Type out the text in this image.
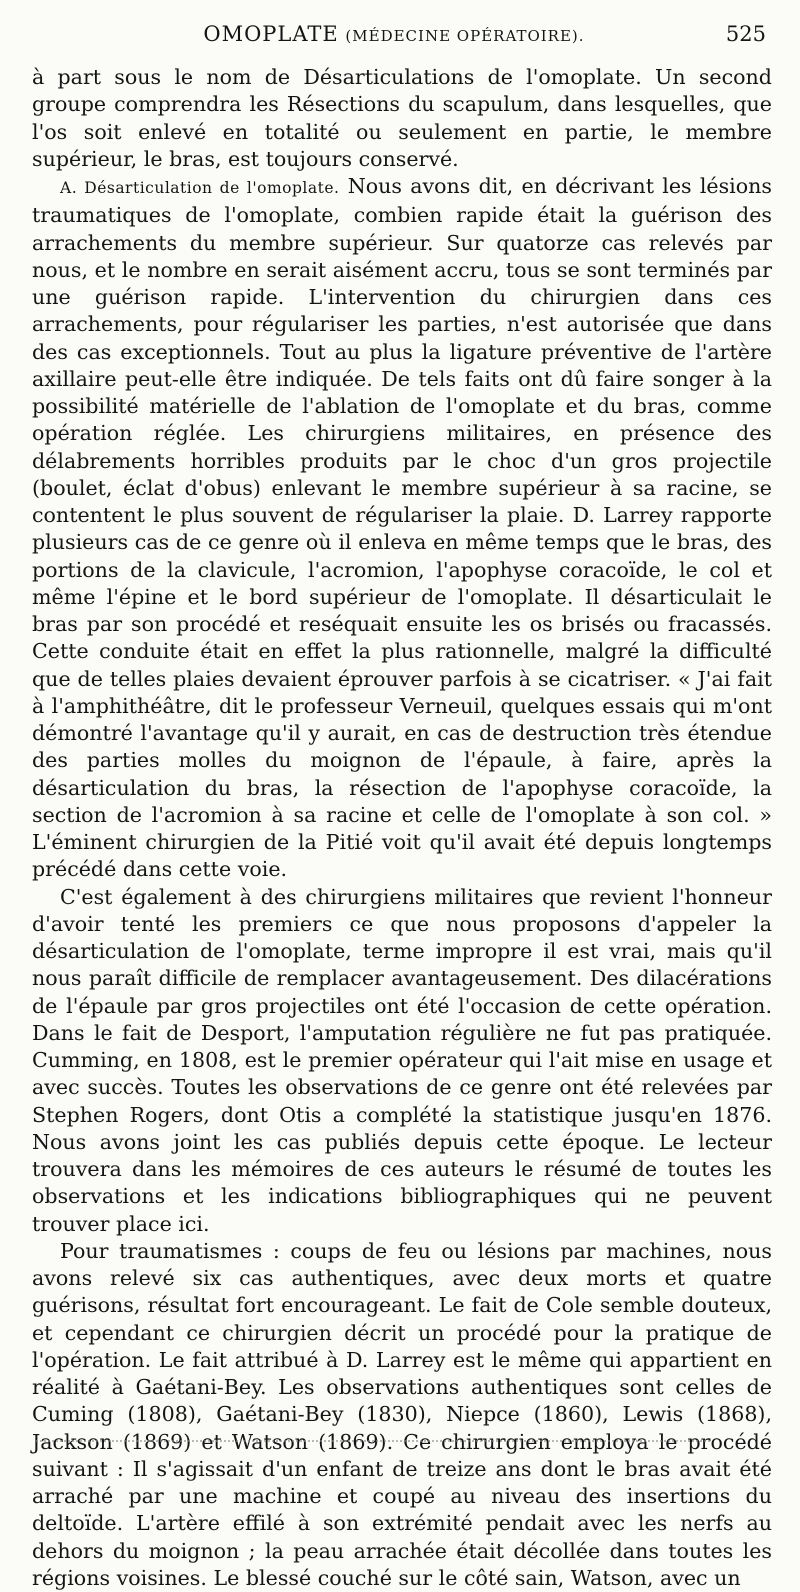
OMOPLATE
(MÉDECINE OPÉRATOIRE).	525

à part sous le nom de Désarticulations de l'omoplate. Un second groupe comprendra les Résections du scapulum, dans lesquelles, que l'os soit enlevé en totalité ou seulement en partie, le membre supérieur, le bras, est toujours conservé.

A. Désarticulation de l'omoplate. Nous avons dit, en décrivant les lésions traumatiques de l'omoplate, combien rapide était la guérison des arrachements du membre supérieur. Sur quatorze cas relevés par nous, et le nombre en serait aisément accru, tous se sont terminés par une guérison rapide. L'intervention du chirurgien dans ces arrachements, pour régulariser les parties, n'est autorisée que dans des cas exceptionnels. Tout au plus la ligature préventive de l'artère axillaire peut-elle être indiquée. De tels faits ont dû faire songer à la possibilité matérielle de l'ablation de l'omoplate et du bras, comme opération réglée. Les chirurgiens militaires, en présence des délabrements horribles produits par le choc d'un gros projectile (boulet, éclat d'obus) enlevant le membre supérieur à sa racine, se contentent le plus souvent de régulariser la plaie. D. Larrey rapporte plusieurs cas de ce genre où il enleva en même temps que le bras, des portions de la clavicule, l'acromion, l'apophyse coracoïde, le col et même l'épine et le bord supérieur de l'omoplate. Il désarticulait le bras par son procédé et reséquait ensuite les os brisés ou fracassés. Cette conduite était en effet la plus rationnelle, malgré la difficulté que de telles plaies devaient éprouver parfois à se cicatriser. « J'ai fait à l'amphithéâtre, dit le professeur Verneuil, quelques essais qui m'ont démontré l'avantage qu'il y aurait, en cas de destruction très étendue des parties molles du moignon de l'épaule, à faire, après la désarticulation du bras, la résection de l'apophyse coracoïde, la section de l'acromion à sa racine et celle de l'omoplate à son col. » L'éminent chirurgien de la Pitié voit qu'il avait été depuis longtemps précédé dans cette voie.

C'est également à des chirurgiens militaires que revient l'honneur d'avoir tenté les premiers ce que nous proposons d'appeler la désarticulation de l'omoplate, terme impropre il est vrai, mais qu'il nous paraît difficile de remplacer avantageusement. Des dilacérations de l'épaule par gros projectiles ont été l'occasion de cette opération. Dans le fait de Desport, l'amputation régulière ne fut pas pratiquée. Cumming, en 1808, est le premier opérateur qui l'ait mise en usage et avec succès. Toutes les observations de ce genre ont été relevées par Stephen Rogers, dont Otis a complété la statistique jusqu'en 1876. Nous avons joint les cas publiés depuis cette époque. Le lecteur trouvera dans les mémoires de ces auteurs le résumé de toutes les observations et les indications bibliographiques qui ne peuvent trouver place ici.

Pour traumatismes : coups de feu ou lésions par machines, nous avons relevé six cas authentiques, avec deux morts et quatre guérisons, résultat fort encourageant. Le fait de Cole semble douteux, et cependant ce chirurgien décrit un procédé pour la pratique de l'opération. Le fait attribué à D. Larrey est le même qui appartient en réalité à Gaétani-Bey. Les observations authentiques sont celles de Cuming (1808), Gaétani-Bey (1830), Niepce (1860), Lewis (1868), Jackson (1869) et Watson (1869). Ce chirurgien employa le procédé suivant : Il s'agissait d'un enfant de treize ans dont le bras avait été arraché par une machine et coupé au niveau des insertions du deltoïde. L'artère effilé à son extrémité pendait avec les nerfs au dehors du moignon ; la peau arrachée était décollée dans toutes les régions voisines. Le blessé couché sur le côté sain, Watson, avec un
